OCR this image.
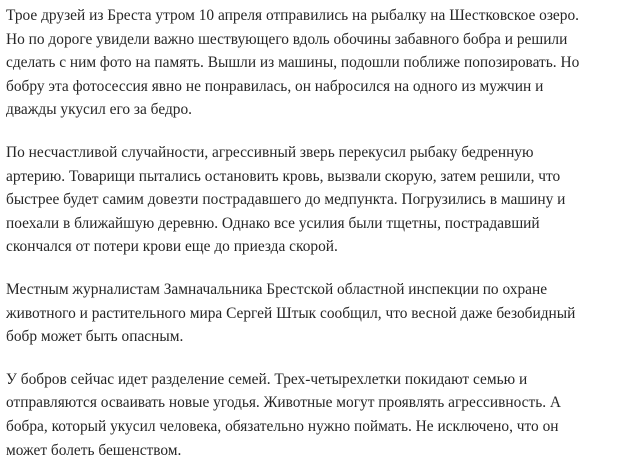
Трое друзей из Бреста утром 10 апреля отправились на рыбалку на Шестковское озеро.
Но по дороге увидели важно шествующего вдоль обочины забавного бобра и решили
сделать с ним фото на память. Вышли из машины, подошли поближе попозировать. Но
бобру эта фотосессия явно не понравилась, он набросился на одного из мужчин и
дважды укусил его за бедро.

По несчастливой случайности, агрессивный зверь перекусил рыбаку бедренную
артерию. Товарищи пытались остановить кровь, вызвали скорую, затем решили, что
быстрее будет самим довезти пострадавшего до медпункта. Погрузились в машину и
поехали в ближайшую деревню. Однако все усилия были тщетны, пострадавший
скончался от потери крови еще до приезда скорой.

Местным журналистам Замначальника Брестской областной инспекции по охране
животного и растительного мира Сергей Штык сообщил, что весной даже безобидный
бобр может быть опасным.

У бобров сейчас идет разделение семей. Трех-четырехлетки покидают семью и
отправляются осваивать новые угодья. Животные могут проявлять агрессивность. А
бобра, который укусил человека, обязательно нужно поймать. Не исключено, что он
может болеть бешенством.
